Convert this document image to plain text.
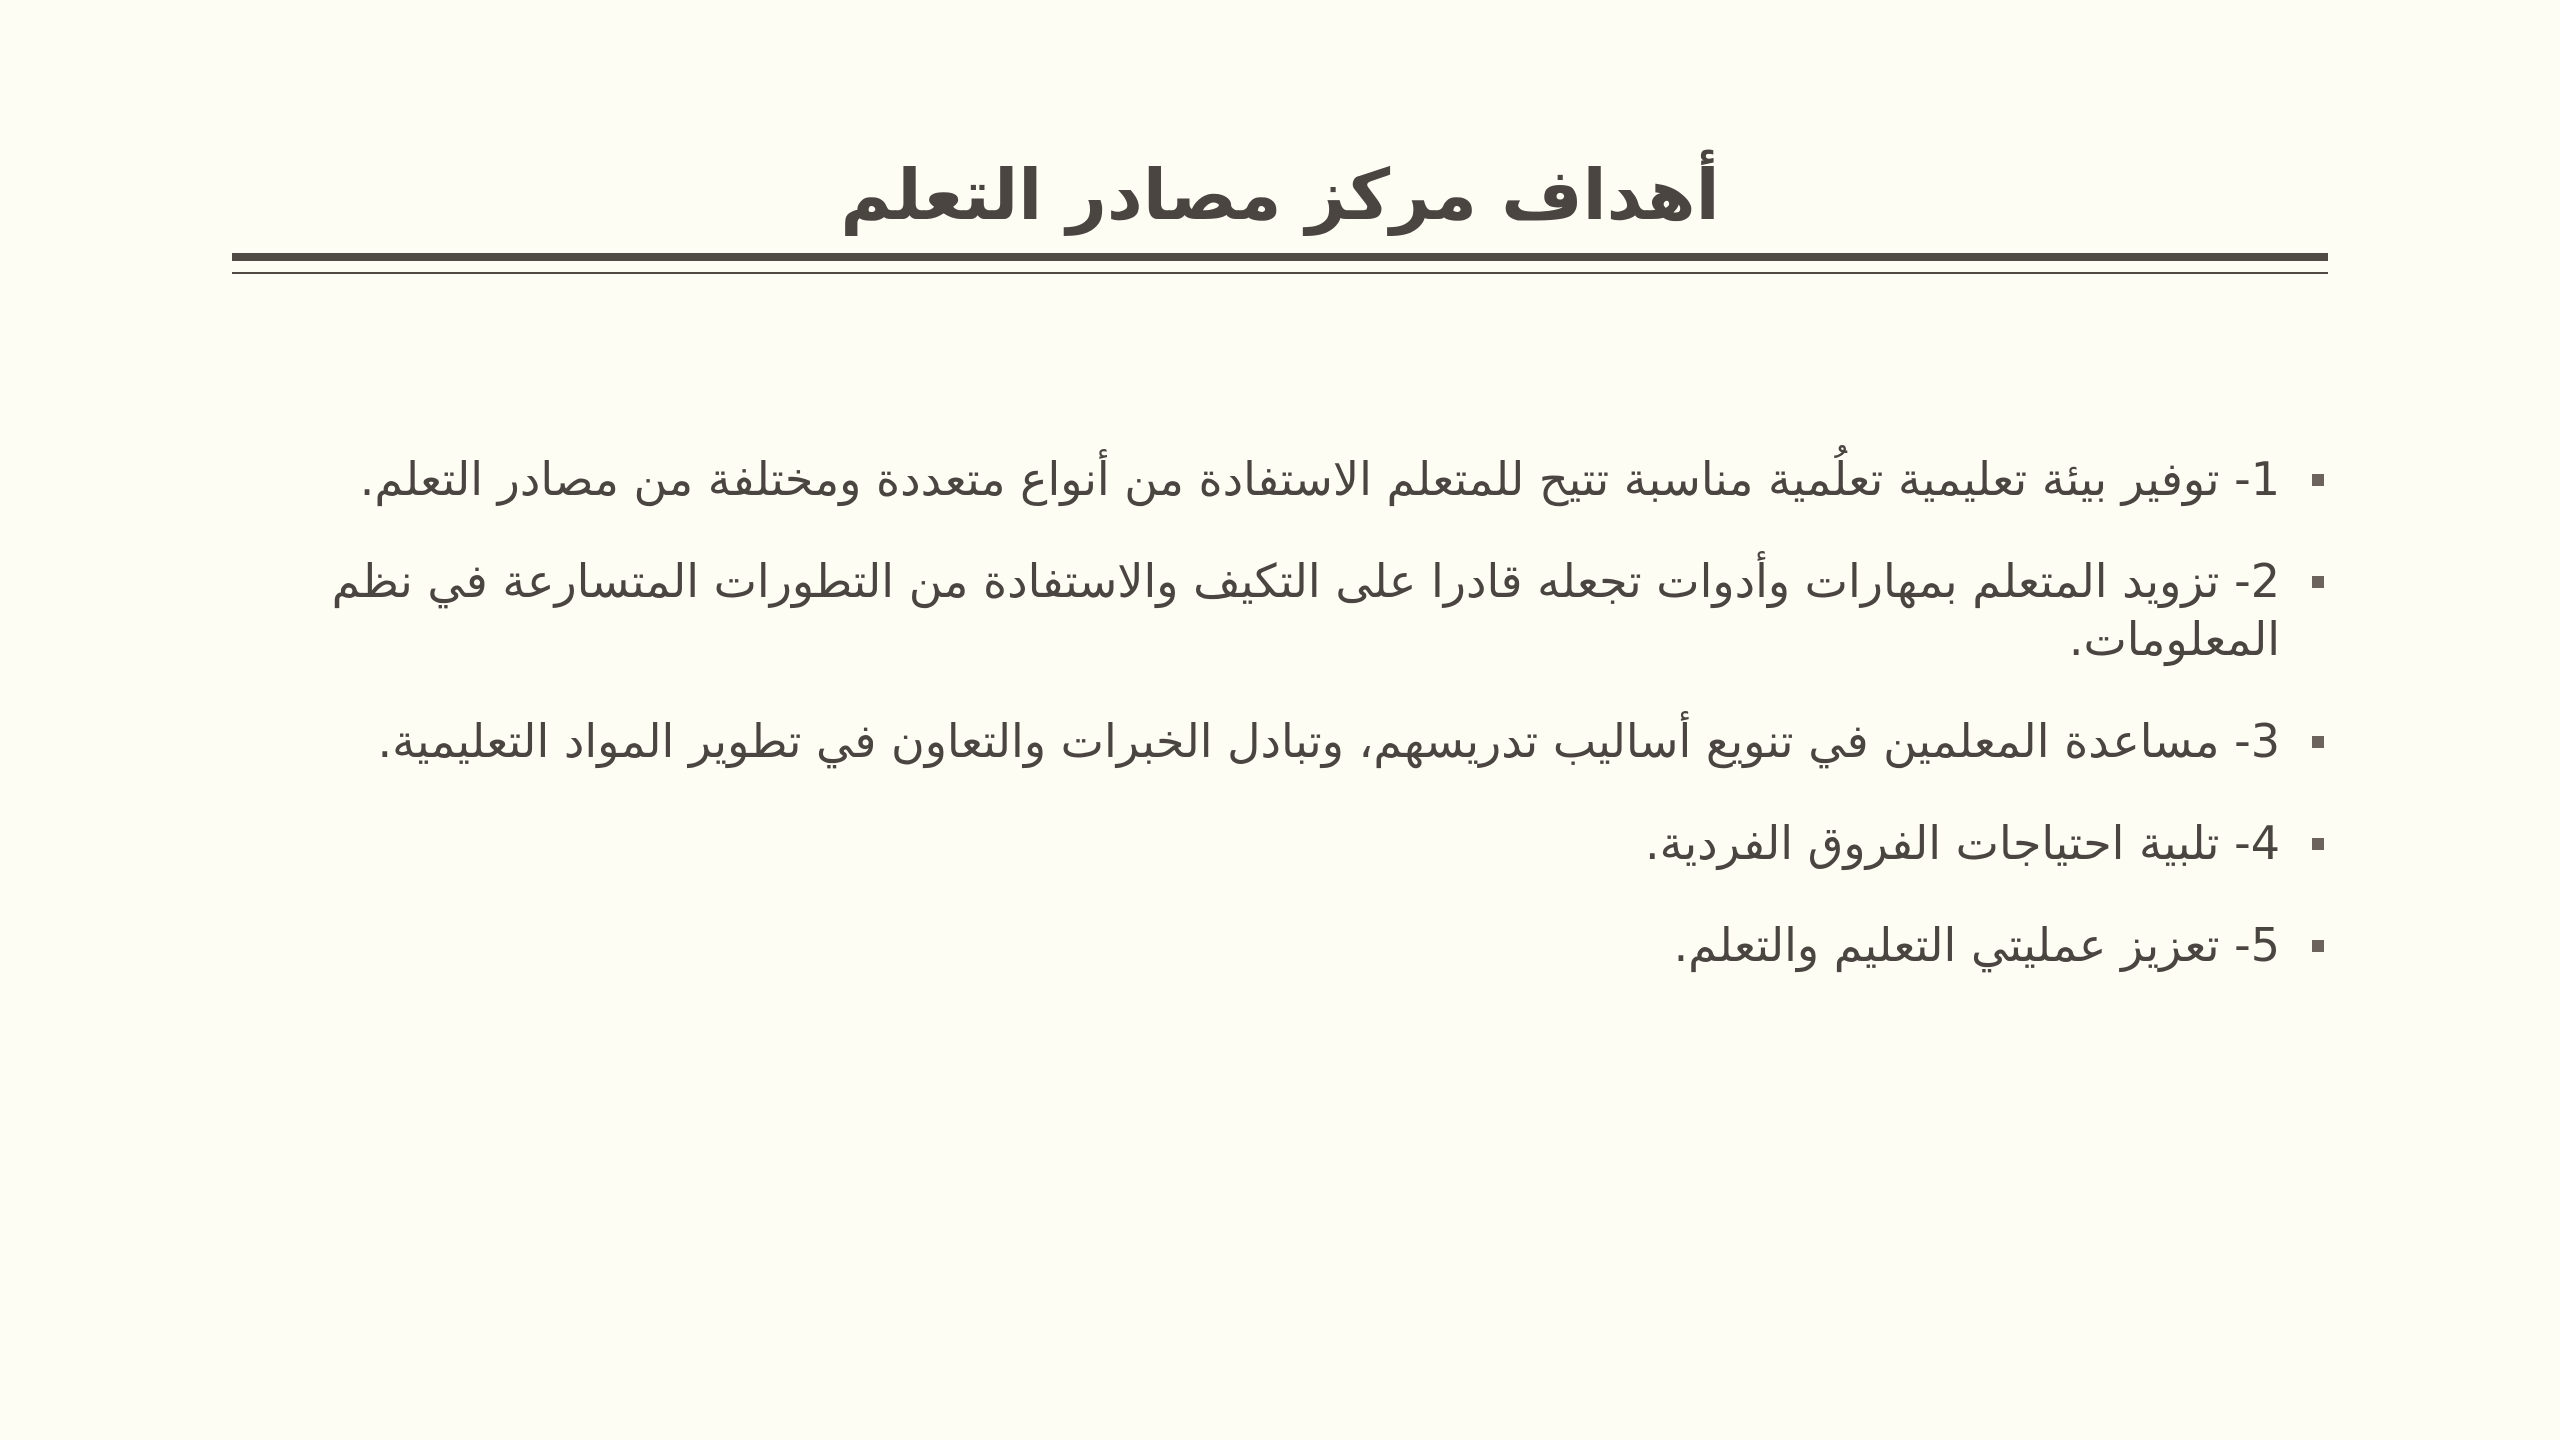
أهداف مركز مصادر التعلم
1- توفير بيئة تعليمية تعلُمية مناسبة تتيح للمتعلم الاستفادة من أنواع متعددة ومختلفة من مصادر التعلم.
2- تزويد المتعلم بمهارات وأدوات تجعله قادرا على التكيف والاستفادة من التطورات المتسارعة في نظم المعلومات.
3- مساعدة المعلمين في تنويع أساليب تدريسهم، وتبادل الخبرات والتعاون في تطوير المواد التعليمية.
4- تلبية احتياجات الفروق الفردية.
5- تعزيز عمليتي التعليم والتعلم.
